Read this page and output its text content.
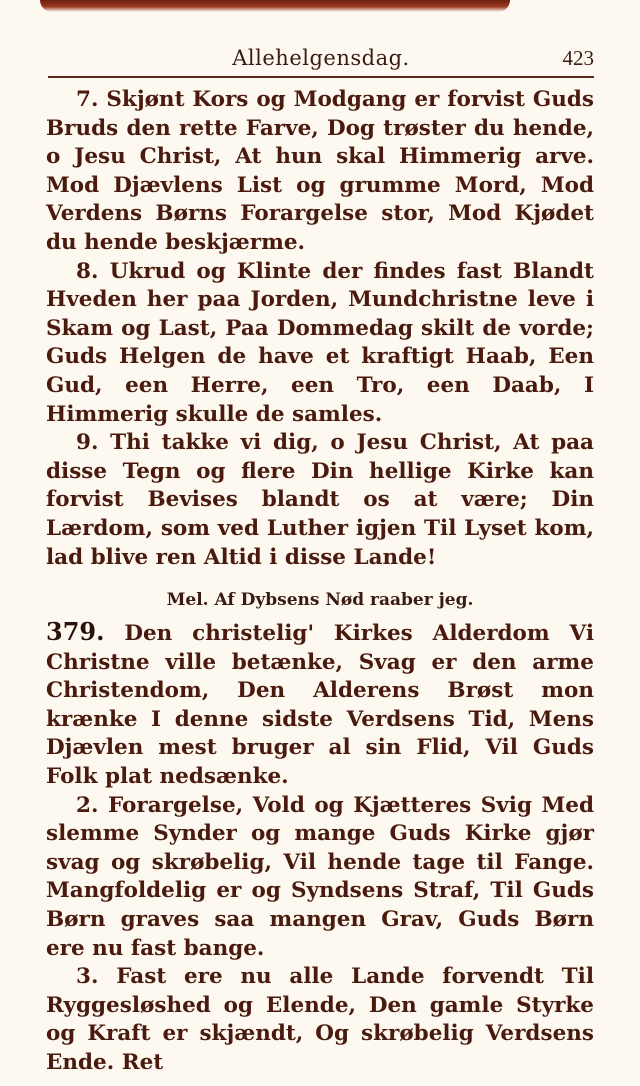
Allehelgensdag.	423

7. Skjønt Kors og Modgang er forvist Guds Bruds den rette Farve, Dog trøster du hende, o Jesu Christ, At hun skal Himmerig arve. Mod Djævlens List og grumme Mord, Mod Verdens Børns Forargelse stor, Mod Kjødet du hende beskjærme.

8. Ukrud og Klinte der findes fast Blandt Hveden her paa Jorden, Mundchristne leve i Skam og Last, Paa Dommedag skilt de vorde; Guds Helgen de have et kraftigt Haab, Een Gud, een Herre, een Tro, een Daab, I Himmerig skulle de samles.

9. Thi takke vi dig, o Jesu Christ, At paa disse Tegn og flere Din hellige Kirke kan forvist Bevises blandt os at være; Din Lærdom, som ved Luther igjen Til Lyset kom, lad blive ren Altid i disse Lande!

Mel. Af Dybsens Nød raaber jeg.

379. Den christelig' Kirkes Alderdom Vi Christne ville betænke, Svag er den arme Christendom, Den Alderens Brøst mon krænke I denne sidste Verdsens Tid, Mens Djævlen mest bruger al sin Flid, Vil Guds Folk plat nedsænke.

2. Forargelse, Vold og Kjætteres Svig Med slemme Synder og mange Guds Kirke gjør svag og skrøbelig, Vil hende tage til Fange. Mangfoldelig er og Syndsens Straf, Til Guds Børn graves saa mangen Grav, Guds Børn ere nu fast bange.

3. Fast ere nu alle Lande forvendt Til Ryggesløshed og Elende, Den gamle Styrke og Kraft er skjændt, Og skrøbelig Verdsens Ende. Ret
